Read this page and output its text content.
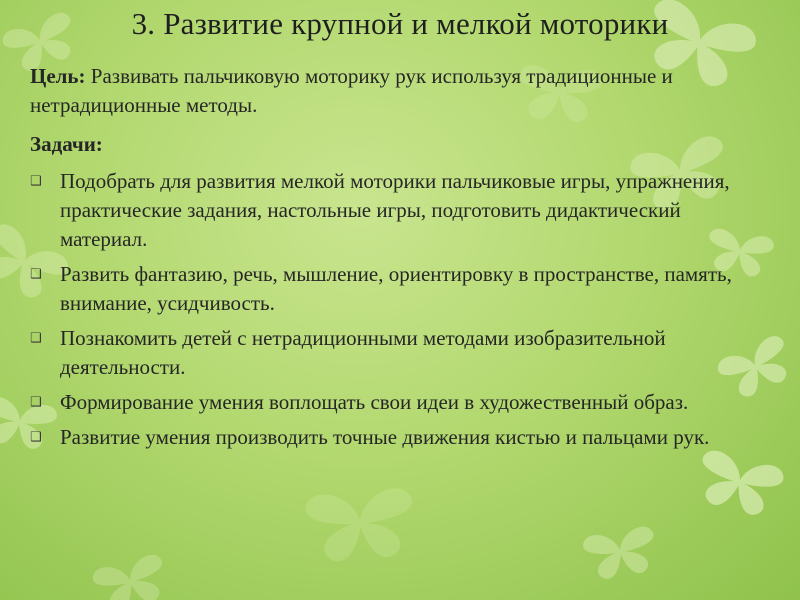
3. Развитие крупной и мелкой моторики

Цель: Развивать пальчиковую моторику рук используя традиционные и нетрадиционные методы.

Задачи:

❑ Подобрать для развития мелкой моторики пальчиковые игры, упражнения, практические задания, настольные игры, подготовить дидактический материал.
❑ Развить фантазию, речь, мышление, ориентировку в пространстве, память, внимание, усидчивость.
❑ Познакомить детей с нетрадиционными методами изобразительной деятельности.
❑ Формирование умения воплощать свои идеи в художественный образ.
❑ Развитие умения производить точные движения кистью и пальцами рук.
